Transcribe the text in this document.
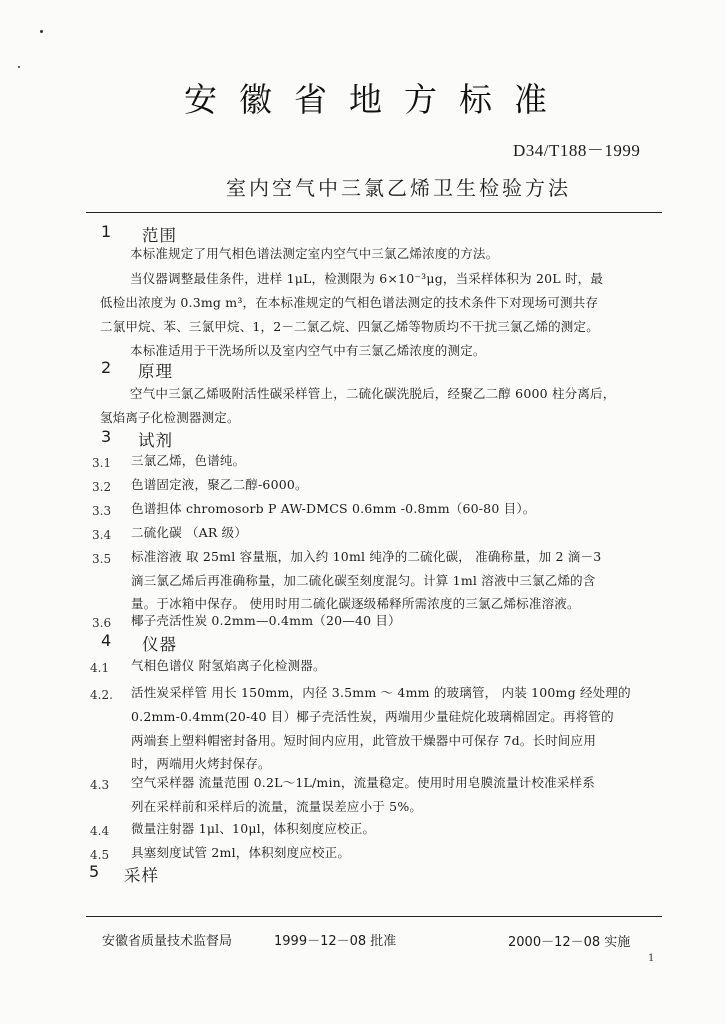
安徽省地方标准
D34/T188－1999
室内空气中三氯乙烯卫生检验方法
1 范围
本标准规定了用气相色谱法测定室内空气中三氯乙烯浓度的方法。
当仪器调整最佳条件，进样 1μL，检测限为 6×10⁻³μg，当采样体积为 20L 时，最
低检出浓度为 0.3mg m³，在本标准规定的气相色谱法测定的技术条件下对现场可测共存
二氯甲烷、苯、三氯甲烷、1，2－二氯乙烷、四氯乙烯等物质均不干扰三氯乙烯的测定。
本标准适用于干洗场所以及室内空气中有三氯乙烯浓度的测定。
2 原理
空气中三氯乙烯吸附活性碳采样管上，二硫化碳洗脱后，经聚乙二醇 6000 柱分离后，
氢焰离子化检测器测定。
3 试剂
3.1 三氯乙烯，色谱纯。
3.2 色谱固定液，聚乙二醇-6000。
3.3 色谱担体 chromosorb P AW-DMCS 0.6mm -0.8mm（60-80 目）。
3.4 二硫化碳 （AR 级）
3.5 标准溶液 取 25ml 容量瓶，加入约 10ml 纯净的二硫化碳， 准确称量，加 2 滴－3
滴三氯乙烯后再准确称量，加二硫化碳至刻度混匀。计算 1ml 溶液中三氯乙烯的含
量。于冰箱中保存。 使用时用二硫化碳逐级稀释所需浓度的三氯乙烯标准溶液。
3.6 椰子壳活性炭 0.2mm—0.4mm（20—40 目）
4 仪器
4.1 气相色谱仪 附氢焰离子化检测器。
4.2. 活性炭采样管 用长 150mm，内径 3.5mm ～ 4mm 的玻璃管， 内装 100mg 经处理的
0.2mm-0.4mm(20-40 目）椰子壳活性炭，两端用少量硅烷化玻璃棉固定。再将管的
两端套上塑料帽密封备用。短时间内应用，此管放干燥器中可保存 7d。长时间应用
时，两端用火烤封保存。
4.3 空气采样器 流量范围 0.2L～1L/min，流量稳定。使用时用皂膜流量计校准采样系
列在采样前和采样后的流量，流量误差应小于 5%。
4.4 微量注射器 1μl、10μl，体积刻度应校正。
4.5 具塞刻度试管 2ml，体积刻度应校正。
5 采样
安徽省质量技术监督局	1999－12－08 批准	2000－12－08 实施
1
